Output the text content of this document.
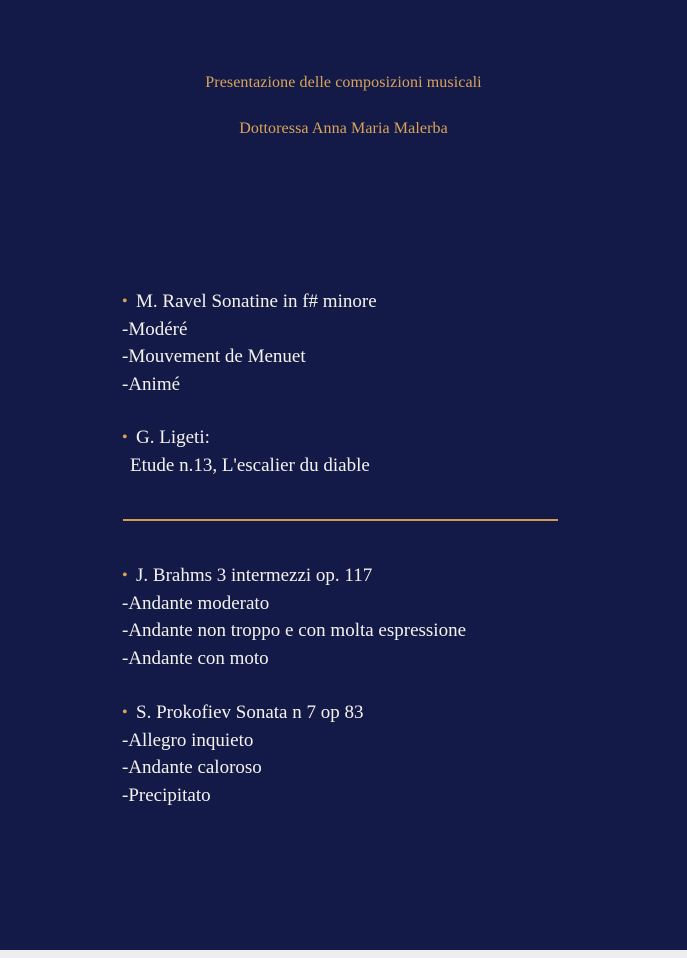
Presentazione delle composizioni musicali
Dottoressa Anna Maria Malerba
• M. Ravel Sonatine in f# minore
-Modéré
-Mouvement de Menuet
-Animé
• G. Ligeti:
Etude n.13, L'escalier du diable
• J. Brahms 3 intermezzi op. 117
-Andante moderato
-Andante non troppo e con molta espressione
-Andante con moto
• S. Prokofiev Sonata n 7 op 83
-Allegro inquieto
-Andante caloroso
-Precipitato
